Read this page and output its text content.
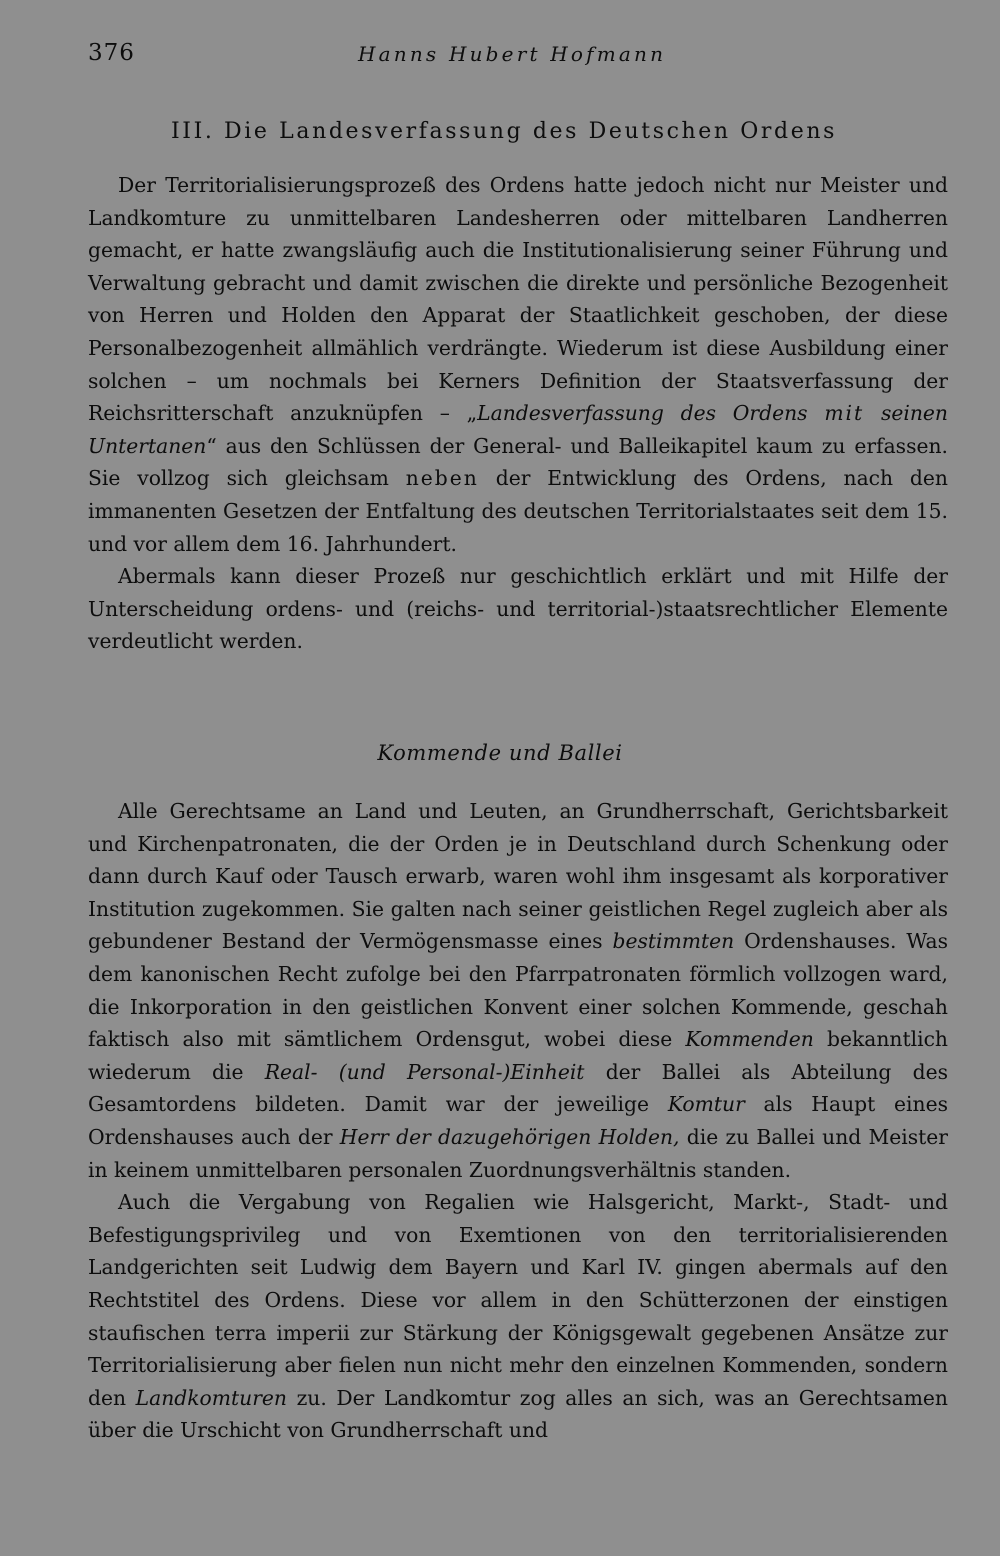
376	Hanns Hubert Hofmann
III. Die Landesverfassung des Deutschen Ordens

Der Territorialisierungsprozeß des Ordens hatte jedoch nicht nur Meister und Landkomture zu unmittelbaren Landesherren oder mittelbaren Landherren gemacht, er hatte zwangsläufig auch die Institutionalisierung seiner Führung und Verwaltung gebracht und damit zwischen die direkte und persönliche Bezogenheit von Herren und Holden den Apparat der Staatlichkeit geschoben, der diese Personalbezogenheit allmählich verdrängte. Wiederum ist diese Ausbildung einer solchen – um nochmals bei Kerners Definition der Staatsverfassung der Reichsritterschaft anzuknüpfen – „Landesverfassung des Ordens mit seinen Untertanen“ aus den Schlüssen der General- und Balleikapitel kaum zu erfassen. Sie vollzog sich gleichsam neben der Entwicklung des Ordens, nach den immanenten Gesetzen der Entfaltung des deutschen Territorialstaates seit dem 15. und vor allem dem 16. Jahrhundert.

Abermals kann dieser Prozeß nur geschichtlich erklärt und mit Hilfe der Unterscheidung ordens- und (reichs- und territorial-)staatsrechtlicher Elemente verdeutlicht werden.

Kommende und Ballei

Alle Gerechtsame an Land und Leuten, an Grundherrschaft, Gerichtsbarkeit und Kirchenpatronaten, die der Orden je in Deutschland durch Schenkung oder dann durch Kauf oder Tausch erwarb, waren wohl ihm insgesamt als korporativer Institution zugekommen. Sie galten nach seiner geistlichen Regel zugleich aber als gebundener Bestand der Vermögensmasse eines bestimmten Ordenshauses. Was dem kanonischen Recht zufolge bei den Pfarrpatronaten förmlich vollzogen ward, die Inkorporation in den geistlichen Konvent einer solchen Kommende, geschah faktisch also mit sämtlichem Ordensgut, wobei diese Kommenden bekanntlich wiederum die Real- (und Personal-)Einheit der Ballei als Abteilung des Gesamtordens bildeten. Damit war der jeweilige Komtur als Haupt eines Ordenshauses auch der Herr der dazugehörigen Holden, die zu Ballei und Meister in keinem unmittelbaren personalen Zuordnungsverhältnis standen.

Auch die Vergabung von Regalien wie Halsgericht, Markt-, Stadt- und Befestigungsprivileg und von Exemtionen von den territorialisierenden Landgerichten seit Ludwig dem Bayern und Karl IV. gingen abermals auf den Rechtstitel des Ordens. Diese vor allem in den Schütterzonen der einstigen staufischen terra imperii zur Stärkung der Königsgewalt gegebenen Ansätze zur Territorialisierung aber fielen nun nicht mehr den einzelnen Kommenden, sondern den Landkomturen zu. Der Landkomtur zog alles an sich, was an Gerechtsamen über die Urschicht von Grundherrschaft und
